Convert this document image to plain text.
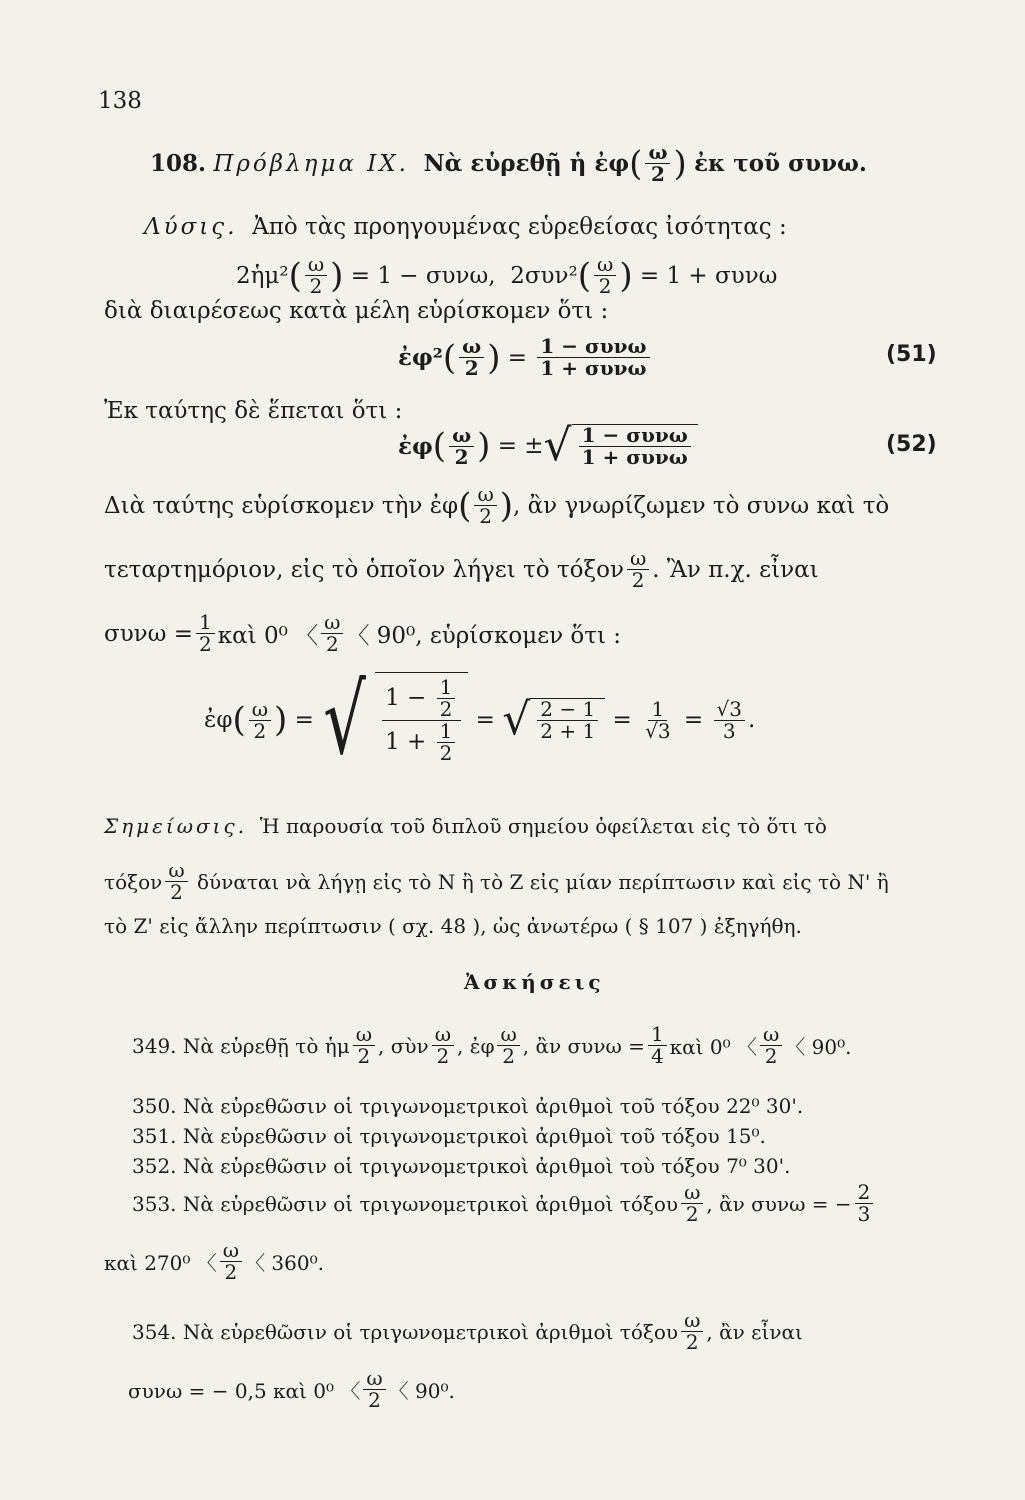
138
108.
Πρόβλημα IX.
Νὰ εὑρεθῇ ἡ ἐφ ( $\frac{\omega}{2}$ )
ἐκ τοῦ συνω.
Λύσις. Ἀπὸ τὰς προηγουμένας εὑρεθείσας ἰσότητας :
2ἡμ² ( $\frac{\omega}{2}$ )
= 1 − συνω,
2συν² ( $\frac{\omega}{2}$ )
= 1 + συνω
διὰ διαιρέσεως κατὰ μέλη εὑρίσκομεν ὅτι :
ἐφ² ( $\frac{\omega}{2}$ ) = $\frac{\text{1 − συνω}}{\text{1 + συνω}}$	(51)
Ἐκ ταύτης δὲ ἕπεται ὅτι :
ἐφ ( $\frac{\omega}{2}$ )
= ± √ $\frac{\text{1 − συνω}}{\text{1 + συνω}}$	(52)
Διὰ ταύτης εὑρίσκομεν τὴν ἐφ ( $\frac{\omega}{2}$ ) , ἂν γνωρίζωμεν τὸ συνω καὶ τὸ
τεταρτημόριον, εἰς τὸ ὁποῖον λήγει τὸ τόξον $\frac{\omega}{2}$ . Ἂν π.χ. εἶναι
$\sigma\upsilon\nu\omega = \frac{1}{2}$ καὶ 0⁰ 〈 $\frac{\omega}{2}$ 〈 90⁰, εὑρίσκομεν ὅτι :
ἐφ ( $\frac{\omega}{2}$ )
= √ 1 −
$\frac{1}{2}$
1 +
$\frac{1}{2}$ = √ $\frac{2 - 1}{2 + 1} = \frac{1}{√3} = \frac{√3}{3}$ .
Σημείωσις. Ἡ παρουσία τοῦ διπλοῦ σημείου ὀφείλεται εἰς τὸ ὅτι τὸ
τόξον $\frac{\omega}{2}$
δύναται νὰ λήγῃ εἰς τὸ Ν ἢ τὸ Ζ εἰς μίαν περίπτωσιν καὶ εἰς τὸ Ν' ἢ
τὸ Ζ' εἰς ἄλλην περίπτωσιν ( σχ. 48 ), ὡς ἀνωτέρω ( § 107 ) ἐξηγήθη.
Ἀσκήσεις
349. Νὰ εὑρεθῇ τὸ ἡμ $\frac{\omega}{2}$ , σὺν $\frac{\omega}{2}$ , ἐφ $\frac{\omega}{2}$ , ἂν $\sigma\upsilon\nu\omega = \frac{1}{4}$ καὶ 0⁰ 〈 $\frac{\omega}{2}$ 〈 90⁰.
350. Νὰ εὑρεθῶσιν οἱ τριγωνομετρικοὶ ἀριθμοὶ τοῦ τόξου 22⁰ 30'.
351. Νὰ εὑρεθῶσιν οἱ τριγωνομετρικοὶ ἀριθμοὶ τοῦ τόξου 15⁰.
352. Νὰ εὑρεθῶσιν οἱ τριγωνομετρικοὶ ἀριθμοὶ τοὺ τόξου 7⁰ 30'.
353. Νὰ εὑρεθῶσιν οἱ τριγωνομετρικοὶ ἀριθμοὶ τόξου $\frac{\omega}{2}$ , ἂν συνω = − $\frac{2}{3}$
καὶ 270⁰ 〈 $\frac{\omega}{2}$ 〈 360⁰.
354. Νὰ εὑρεθῶσιν οἱ τριγωνομετρικοὶ ἀριθμοὶ τόξου $\frac{\omega}{2}$ , ἂν εἶναι
συνω = − 0,5 καὶ 0⁰ 〈 $\frac{\omega}{2}$ 〈 90⁰.
